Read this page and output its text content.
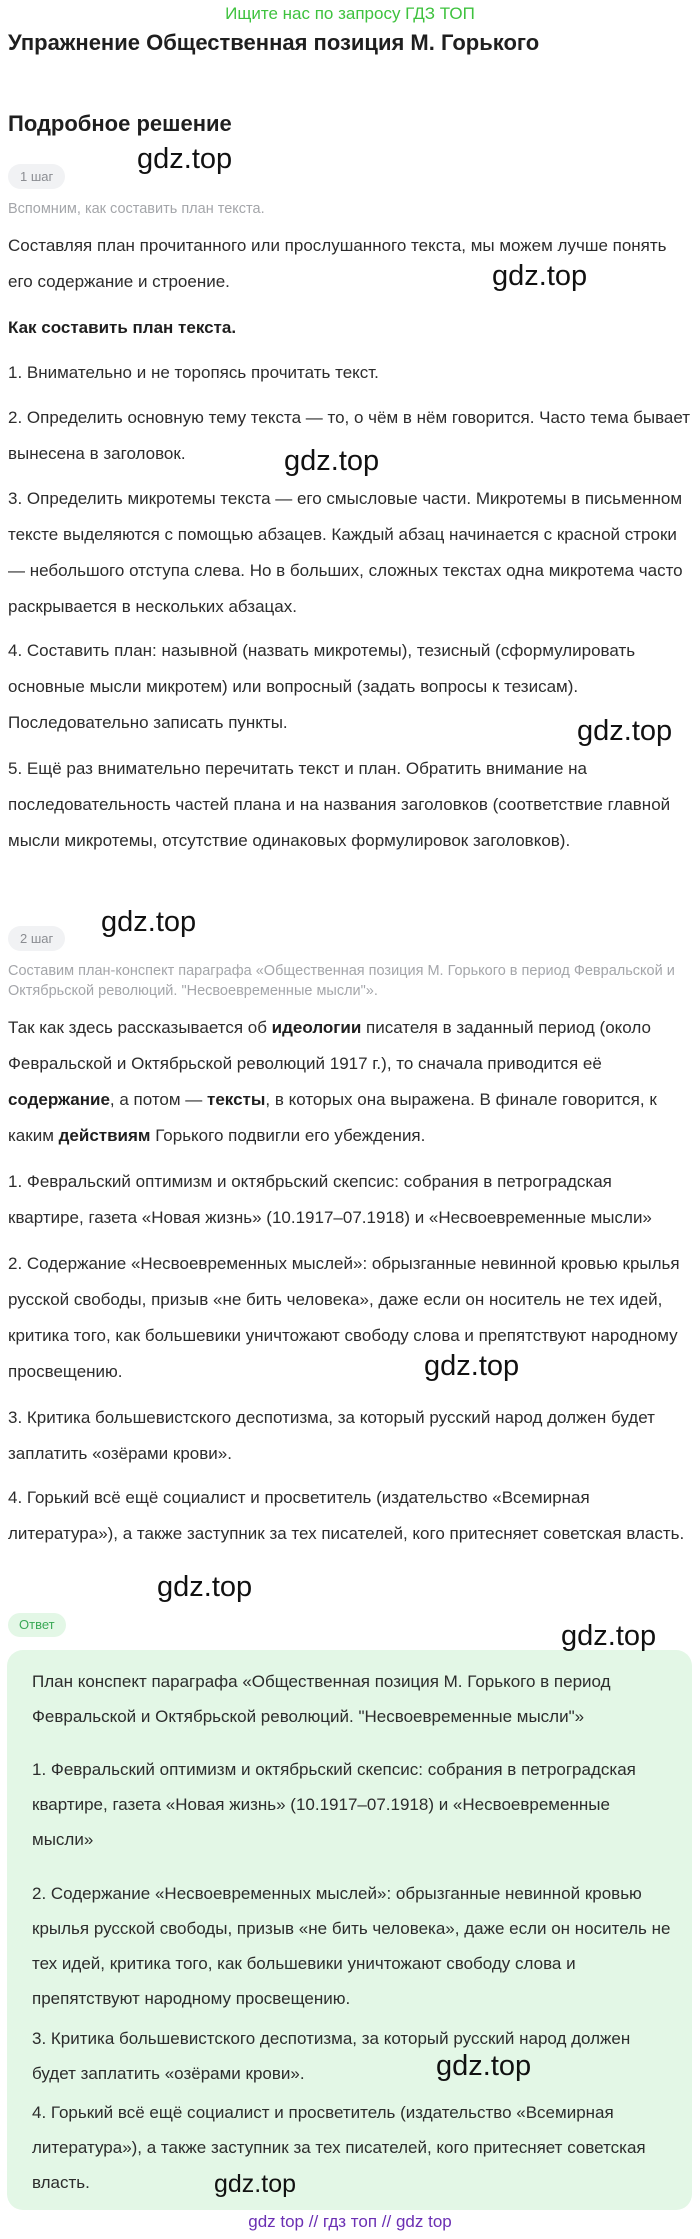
Ищите нас по запросу ГДЗ ТОП
Упражнение Общественная позиция М. Горького
Подробное решение
1 шаг
Вспомним, как составить план текста.

Составляя план прочитанного или прослушанного текста, мы можем лучше понять его содержание и строение.

Как составить план текста.

1. Внимательно и не торопясь прочитать текст.

2. Определить основную тему текста — то, о чём в нём говорится. Часто тема бывает вынесена в заголовок.

3. Определить микротемы текста — его смысловые части. Микротемы в письменном тексте выделяются с помощью абзацев. Каждый абзац начинается с красной строки — небольшого отступа слева. Но в больших, сложных текстах одна микротема часто раскрывается в нескольких абзацах.

4. Составить план: назывной (назвать микротемы), тезисный (сформулировать основные мысли микротем) или вопросный (задать вопросы к тезисам). Последовательно записать пункты.

5. Ещё раз внимательно перечитать текст и план. Обратить внимание на последовательность частей плана и на названия заголовков (соответствие главной мысли микротемы, отсутствие одинаковых формулировок заголовков).

2 шаг
Составим план-конспект параграфа «Общественная позиция М. Горького в период Февральской и Октябрьской революций. "Несвоевременные мысли"».

Так как здесь рассказывается об идеологии писателя в заданный период (около Февральской и Октябрьской революций 1917 г.), то сначала приводится её содержание, а потом — тексты, в которых она выражена. В финале говорится, к каким действиям Горького подвигли его убеждения.

1. Февральский оптимизм и октябрьский скепсис: собрания в петроградская квартире, газета «Новая жизнь» (10.1917–07.1918) и «Несвоевременные мысли»

2. Содержание «Несвоевременных мыслей»: обрызганные невинной кровью крылья русской свободы, призыв «не бить человека», даже если он носитель не тех идей, критика того, как большевики уничтожают свободу слова и препятствуют народному просвещению.

3. Критика большевистского деспотизма, за который русский народ должен будет заплатить «озёрами крови».

4. Горький всё ещё социалист и просветитель (издательство «Всемирная литература»), а также заступник за тех писателей, кого притесняет советская власть.

Ответ

План конспект параграфа «Общественная позиция М. Горького в период Февральской и Октябрьской революций. "Несвоевременные мысли"»

1. Февральский оптимизм и октябрьский скепсис: собрания в петроградская квартире, газета «Новая жизнь» (10.1917–07.1918) и «Несвоевременные мысли»

2. Содержание «Несвоевременных мыслей»: обрызганные невинной кровью крылья русской свободы, призыв «не бить человека», даже если он носитель не тех идей, критика того, как большевики уничтожают свободу слова и препятствуют народному просвещению.

3. Критика большевистского деспотизма, за который русский народ должен будет заплатить «озёрами крови».

4. Горький всё ещё социалист и просветитель (издательство «Всемирная литература»), а также заступник за тех писателей, кого притесняет советская власть.

gdz.top
gdz.top
gdz.top
gdz.top
gdz.top
gdz.top
gdz.top
gdz.top
gdz.top
gdz.top
gdz top // гдз топ // gdz top
